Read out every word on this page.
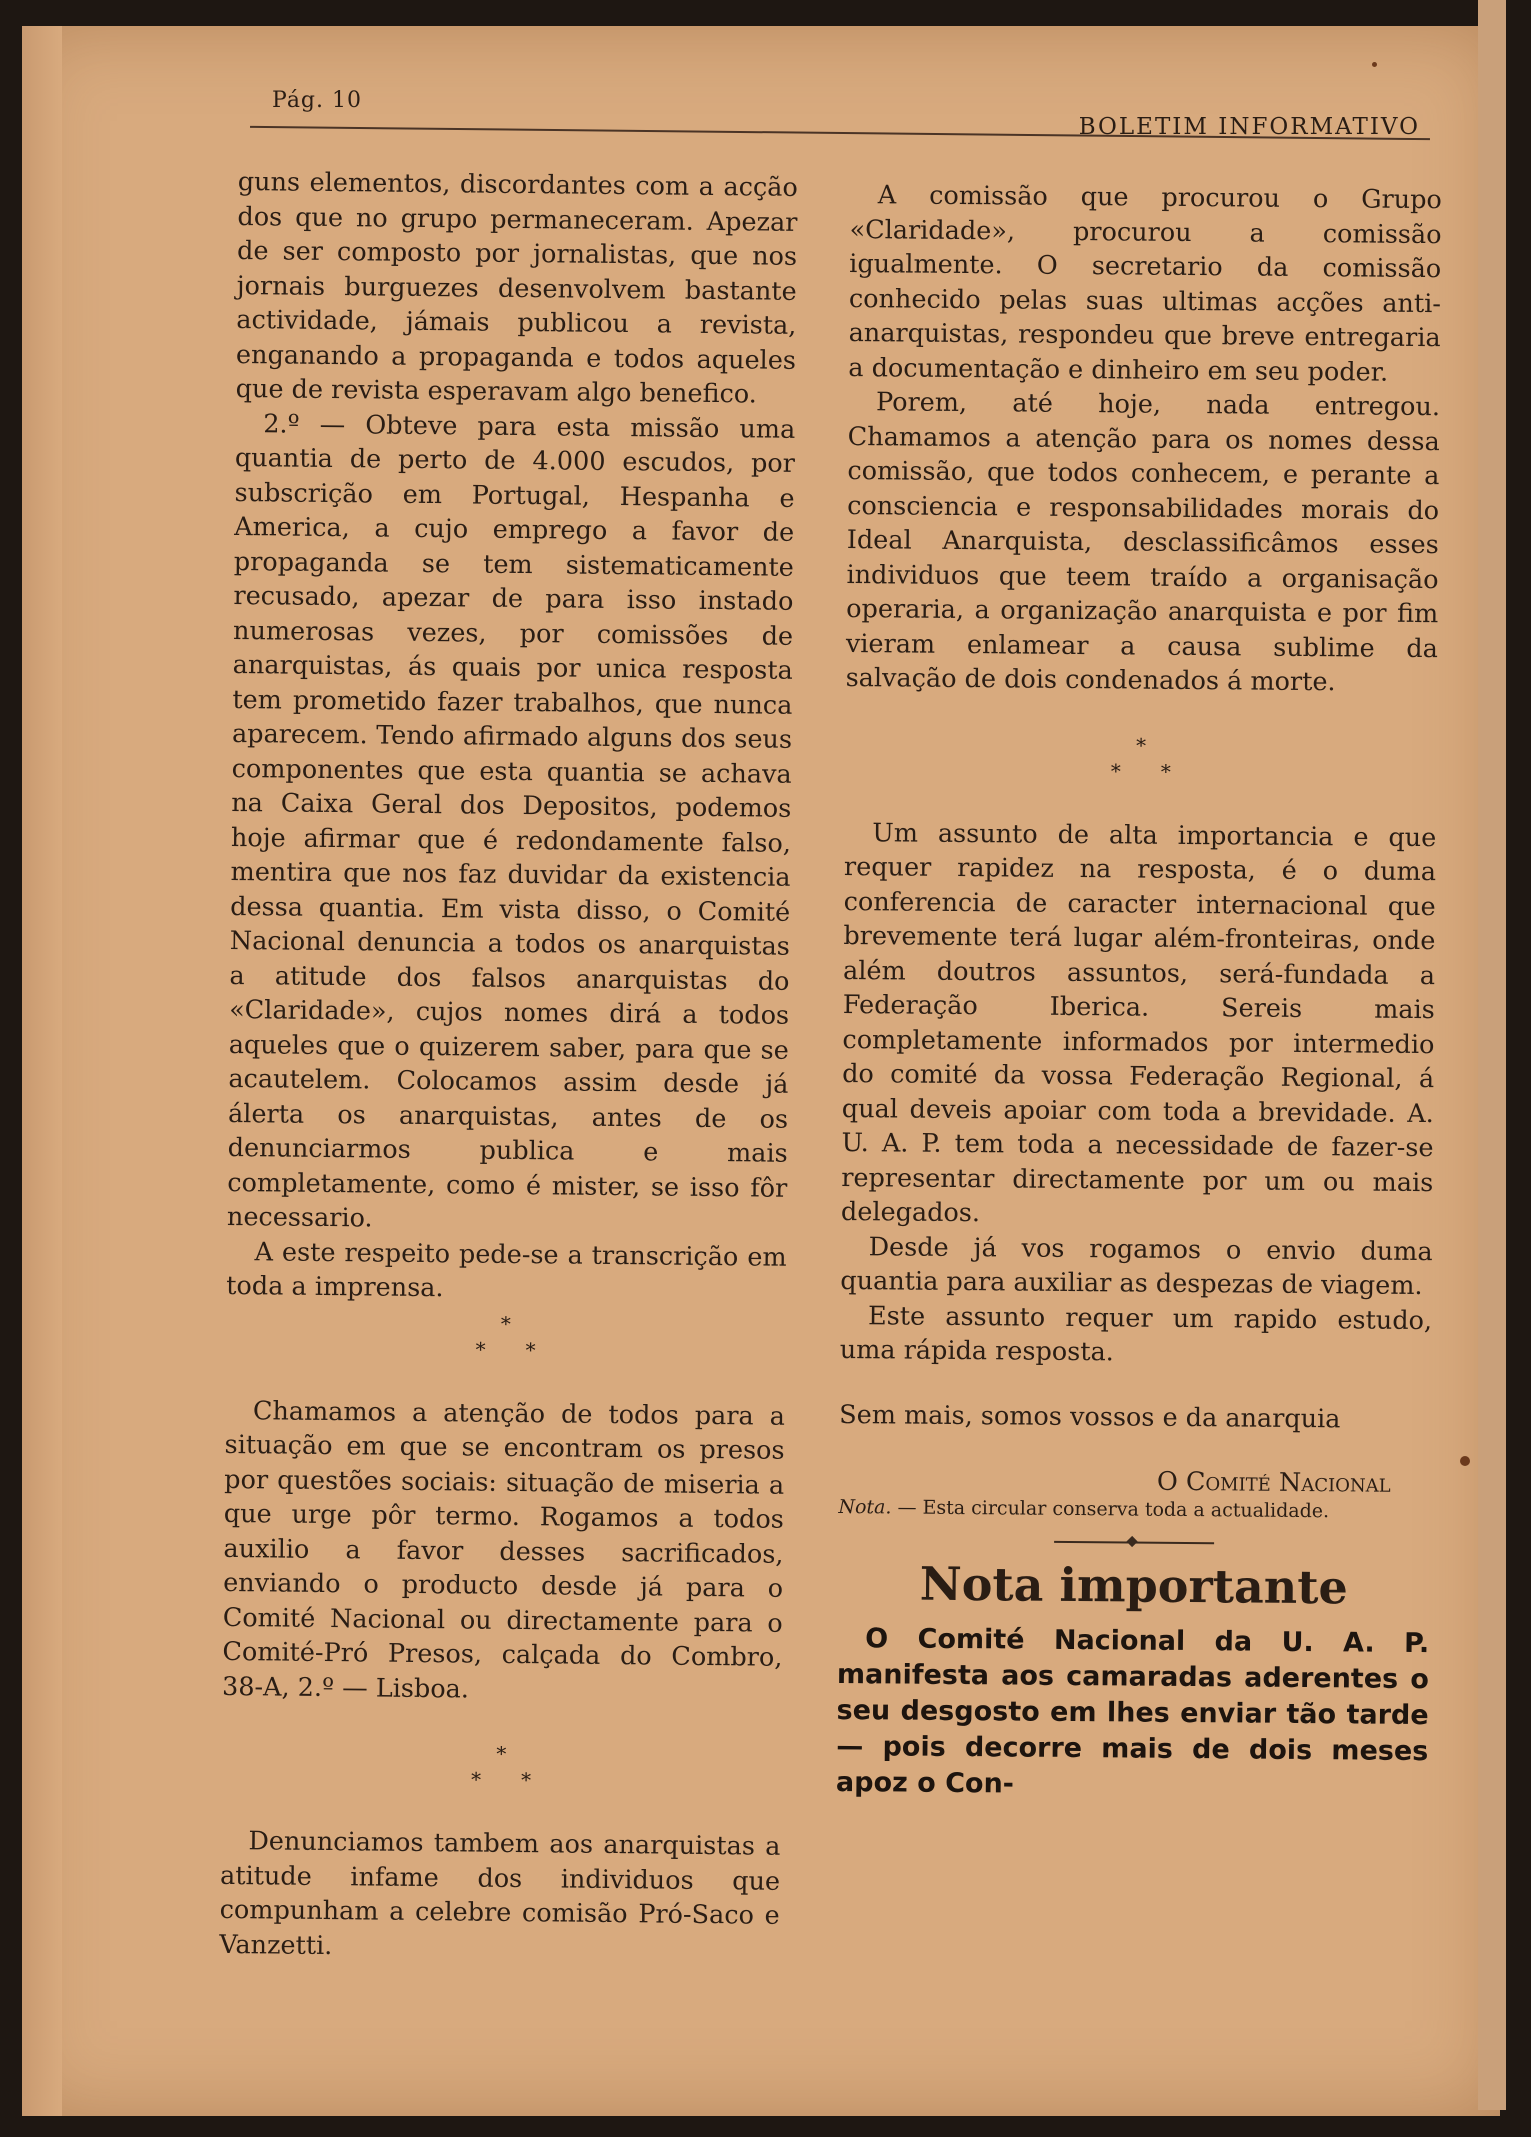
Pág. 10
BOLETIM INFORMATIVO

guns elementos, discordantes com a acção dos que no grupo permaneceram. Apezar de ser composto por jornalistas, que nos jornais burguezes desenvolvem bastante actividade, jámais publicou a revista, enganando a propaganda e todos aqueles que de revista esperavam algo benefico.

2.º — Obteve para esta missão uma quantia de perto de 4.000 escudos, por subscrição em Portugal, Hespanha e America, a cujo emprego a favor de propaganda se tem sistematicamente recusado, apezar de para isso instado numerosas vezes, por comissões de anarquistas, ás quais por unica resposta tem prometido fazer trabalhos, que nunca aparecem. Tendo afirmado alguns dos seus componentes que esta quantia se achava na Caixa Geral dos Depositos, podemos hoje afirmar que é redondamente falso, mentira que nos faz duvidar da existencia dessa quantia. Em vista disso, o Comité Nacional denuncia a todos os anarquistas a atitude dos falsos anarquistas do «Claridade», cujos nomes dirá a todos aqueles que o quizerem saber, para que se acautelem. Colocamos assim desde já álerta os anarquistas, antes de os denunciarmos publica e mais completamente, como é mister, se isso fôr necessario.

A este respeito pede-se a transcrição em toda a imprensa.

*
**

Chamamos a atenção de todos para a situação em que se encontram os presos por questões sociais: situação de miseria a que urge pôr termo. Rogamos a todos auxilio a favor desses sacrificados, enviando o producto desde já para o Comité Nacional ou directamente para o Comité-Pró Presos, calçada do Combro, 38-A, 2.º — Lisboa.

*
**

Denunciamos tambem aos anarquistas a atitude infame dos individuos que compunham a celebre comisão Pró-Saco e Vanzetti.

A comissão que procurou o Grupo «Claridade», procurou a comissão igualmente. O secretario da comissão conhecido pelas suas ultimas acções anti-anarquistas, respondeu que breve entregaria a documentação e dinheiro em seu poder.

Porem, até hoje, nada entregou. Chamamos a atenção para os nomes dessa comissão, que todos conhecem, e perante a consciencia e responsabilidades morais do Ideal Anarquista, desclassificâmos esses individuos que teem traído a organisação operaria, a organização anarquista e por fim vieram enlamear a causa sublime da salvação de dois condenados á morte.

*
**

Um assunto de alta importancia e que requer rapidez na resposta, é o duma conferencia de caracter internacional que brevemente terá lugar além-fronteiras, onde além doutros assuntos, será-fundada a Federação Iberica. Sereis mais completamente informados por intermedio do comité da vossa Federação Regional, á qual deveis apoiar com toda a brevidade. A. U. A. P. tem toda a necessidade de fazer-se representar directamente por um ou mais delegados.

Desde já vos rogamos o envio duma quantia para auxiliar as despezas de viagem.

Este assunto requer um rapido estudo, uma rápida resposta.

Sem mais, somos vossos e da anarquia

O Comité Nacional

Nota. — Esta circular conserva toda a actualidade.

Nota importante

O Comité Nacional da U. A. P. manifesta aos camaradas aderentes o seu desgosto em lhes enviar tão tarde — pois decorre mais de dois meses apoz o Con-
